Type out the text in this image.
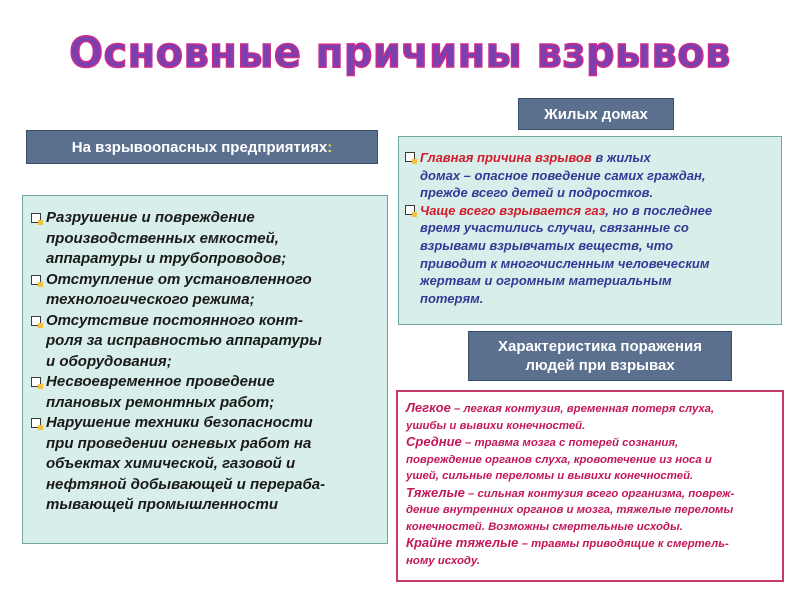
Основные причины взрывов
На взрывоопасных предприятиях :
Жилых домах
Разрушение и повреждение
производственных емкостей,
аппаратуры и трубопроводов;
Отступление от установленного
технологического режима;
Отсутствие постоянного конт-
роля за исправностью аппаратуры
и оборудования;
Несвоевременное проведение
плановых ремонтных работ;
Нарушение техники безопасности
при проведении огневых работ на
объектах химической, газовой и
нефтяной добывающей и перераба-
тывающей промышленности
Главная причина взрывов в жилых
домах – опасное поведение самих граждан,
прежде всего детей и подростков.
Чаще всего взрывается газ, но в последнее
время участились случаи, связанные со
взрывами взрывчатых веществ, что
приводит к многочисленным человеческим
жертвам и огромным материальным
потерям.
Характеристика поражения
людей при взрывах
Легкое – легкая контузия, временная потеря слуха,
ушибы и вывихи конечностей.
Средние – травма мозга с потерей сознания,
повреждение органов слуха, кровотечение из носа и
ушей, сильные переломы и вывихи конечностей.
Тяжелые – сильная контузия всего организма, повреж-
дение внутренних органов и мозга, тяжелые переломы
конечностей. Возможны смертельные исходы.
Крайне тяжелые – травмы приводящие к смертель-
ному исходу.
